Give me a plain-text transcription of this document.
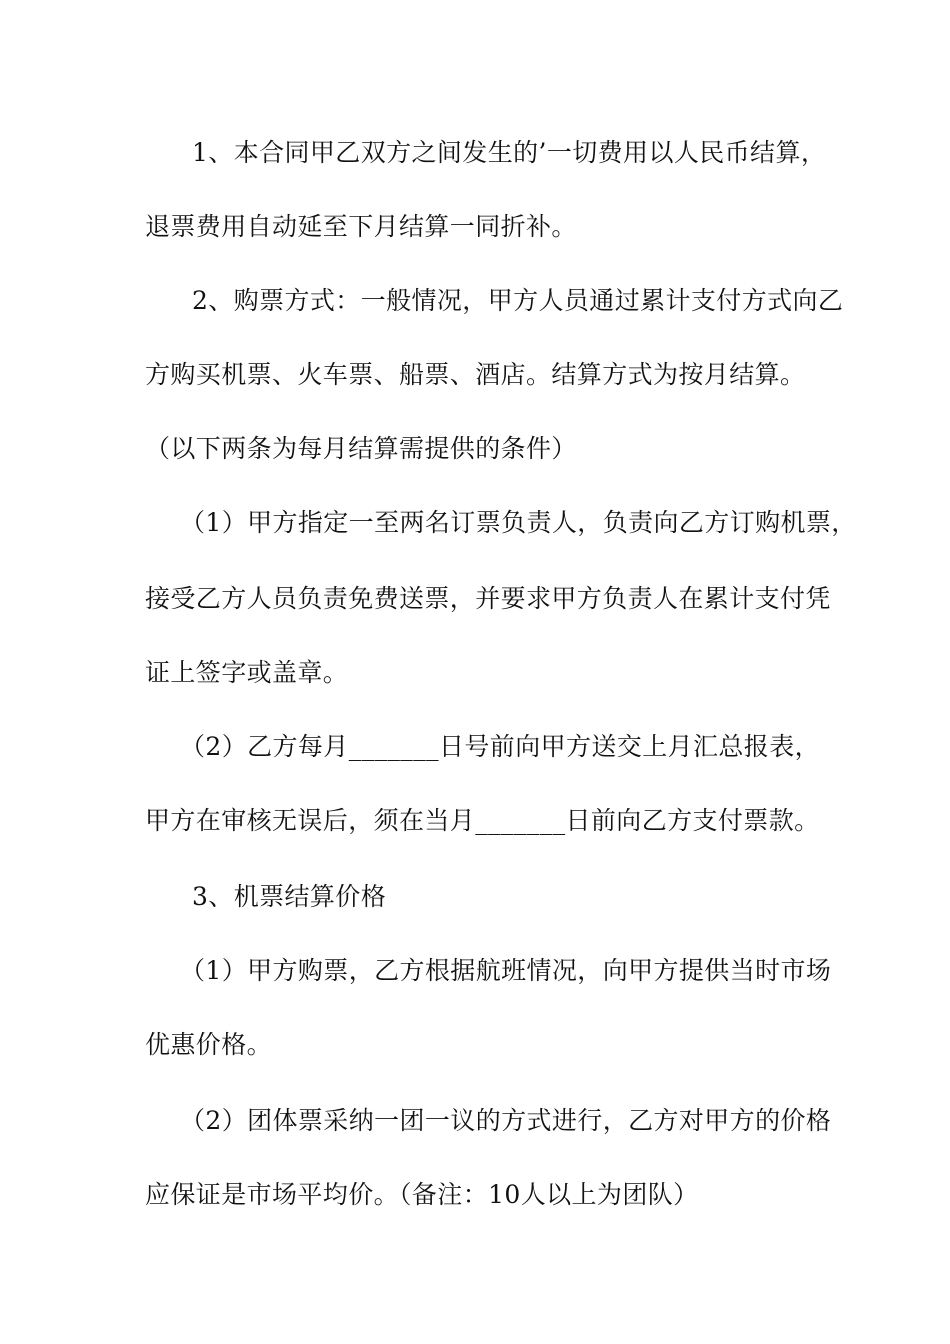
1、本合同甲乙双方之间发生的’一切费用以人民币结算，
退票费用自动延至下月结算一同折补。
2、购票方式：一般情况，甲方人员通过累计支付方式向乙
方购买机票、火车票、船票、酒店。结算方式为按月结算。
（以下两条为每月结算需提供的条件）
（1）甲方指定一至两名订票负责人，负责向乙方订购机票，
接受乙方人员负责免费送票，并要求甲方负责人在累计支付凭
证上签字或盖章。
（2）乙方每月_______日号前向甲方送交上月汇总报表，
甲方在审核无误后，须在当月_______日前向乙方支付票款。
3、机票结算价格
（1）甲方购票，乙方根据航班情况，向甲方提供当时市场
优惠价格。
（2）团体票采纳一团一议的方式进行，乙方对甲方的价格
应保证是市场平均价。（备注：10人以上为团队）
